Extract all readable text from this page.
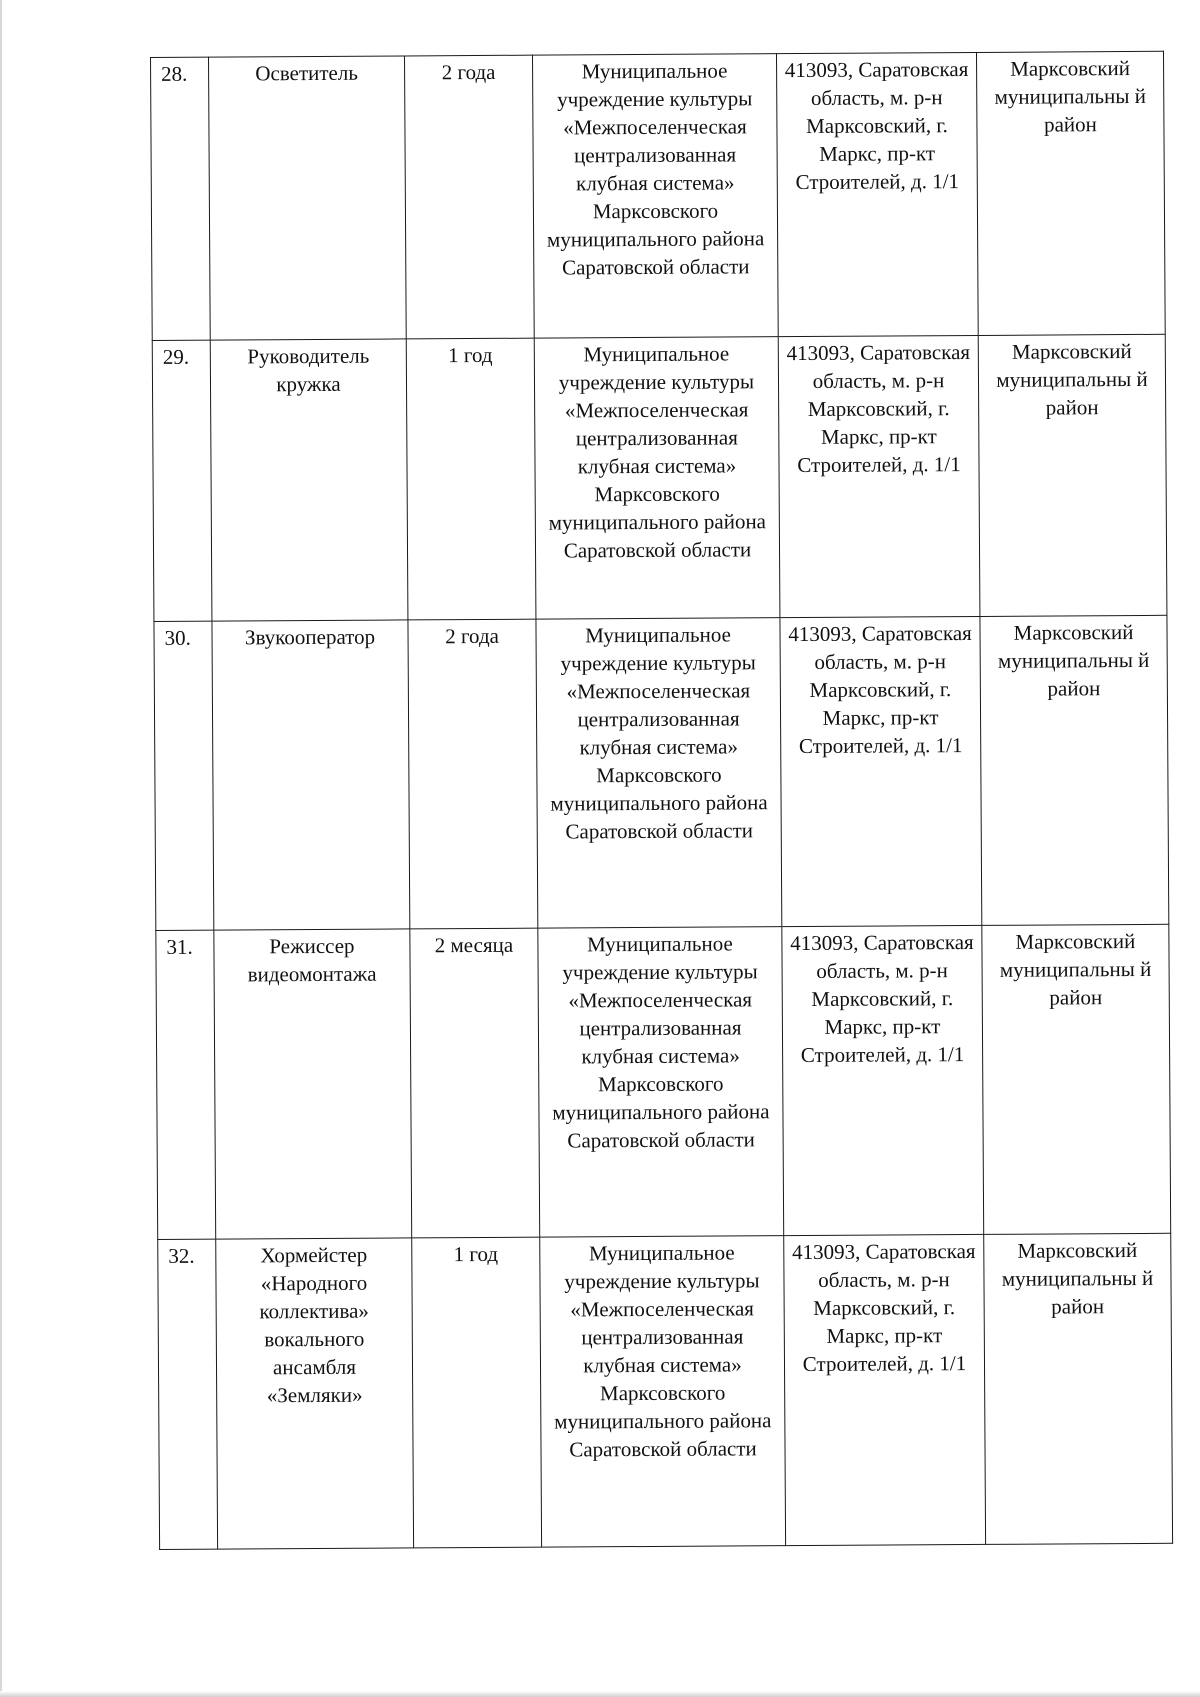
28.	Осветитель	2 года	Муниципальное учреждение культуры «Межпоселенческая централизованная клубная система» Марксовского муниципального района Саратовской области	413093, Саратовская область, м. р-н Марксовский, г. Маркс, пр-кт Строителей, д. 1/1	Марксовский муниципальны й район

29.	Руководитель кружка	1 год	Муниципальное учреждение культуры «Межпоселенческая централизованная клубная система» Марксовского муниципального района Саратовской области	413093, Саратовская область, м. р-н Марксовский, г. Маркс, пр-кт Строителей, д. 1/1	Марксовский муниципальны й район

30.	Звукооператор	2 года	Муниципальное учреждение культуры «Межпоселенческая централизованная клубная система» Марксовского муниципального района Саратовской области	413093, Саратовская область, м. р-н Марксовский, г. Маркс, пр-кт Строителей, д. 1/1	Марксовский муниципальны й район

31.	Режиссер видеомонтажа	2 месяца	Муниципальное учреждение культуры «Межпоселенческая централизованная клубная система» Марксовского муниципального района Саратовской области	413093, Саратовская область, м. р-н Марксовский, г. Маркс, пр-кт Строителей, д. 1/1	Марксовский муниципальны й район

32.	Хормейстер «Народного коллектива» вокального ансамбля «Земляки»	1 год	Муниципальное учреждение культуры «Межпоселенческая централизованная клубная система» Марксовского муниципального района Саратовской области	413093, Саратовская область, м. р-н Марксовский, г. Маркс, пр-кт Строителей, д. 1/1	Марксовский муниципальны й район
